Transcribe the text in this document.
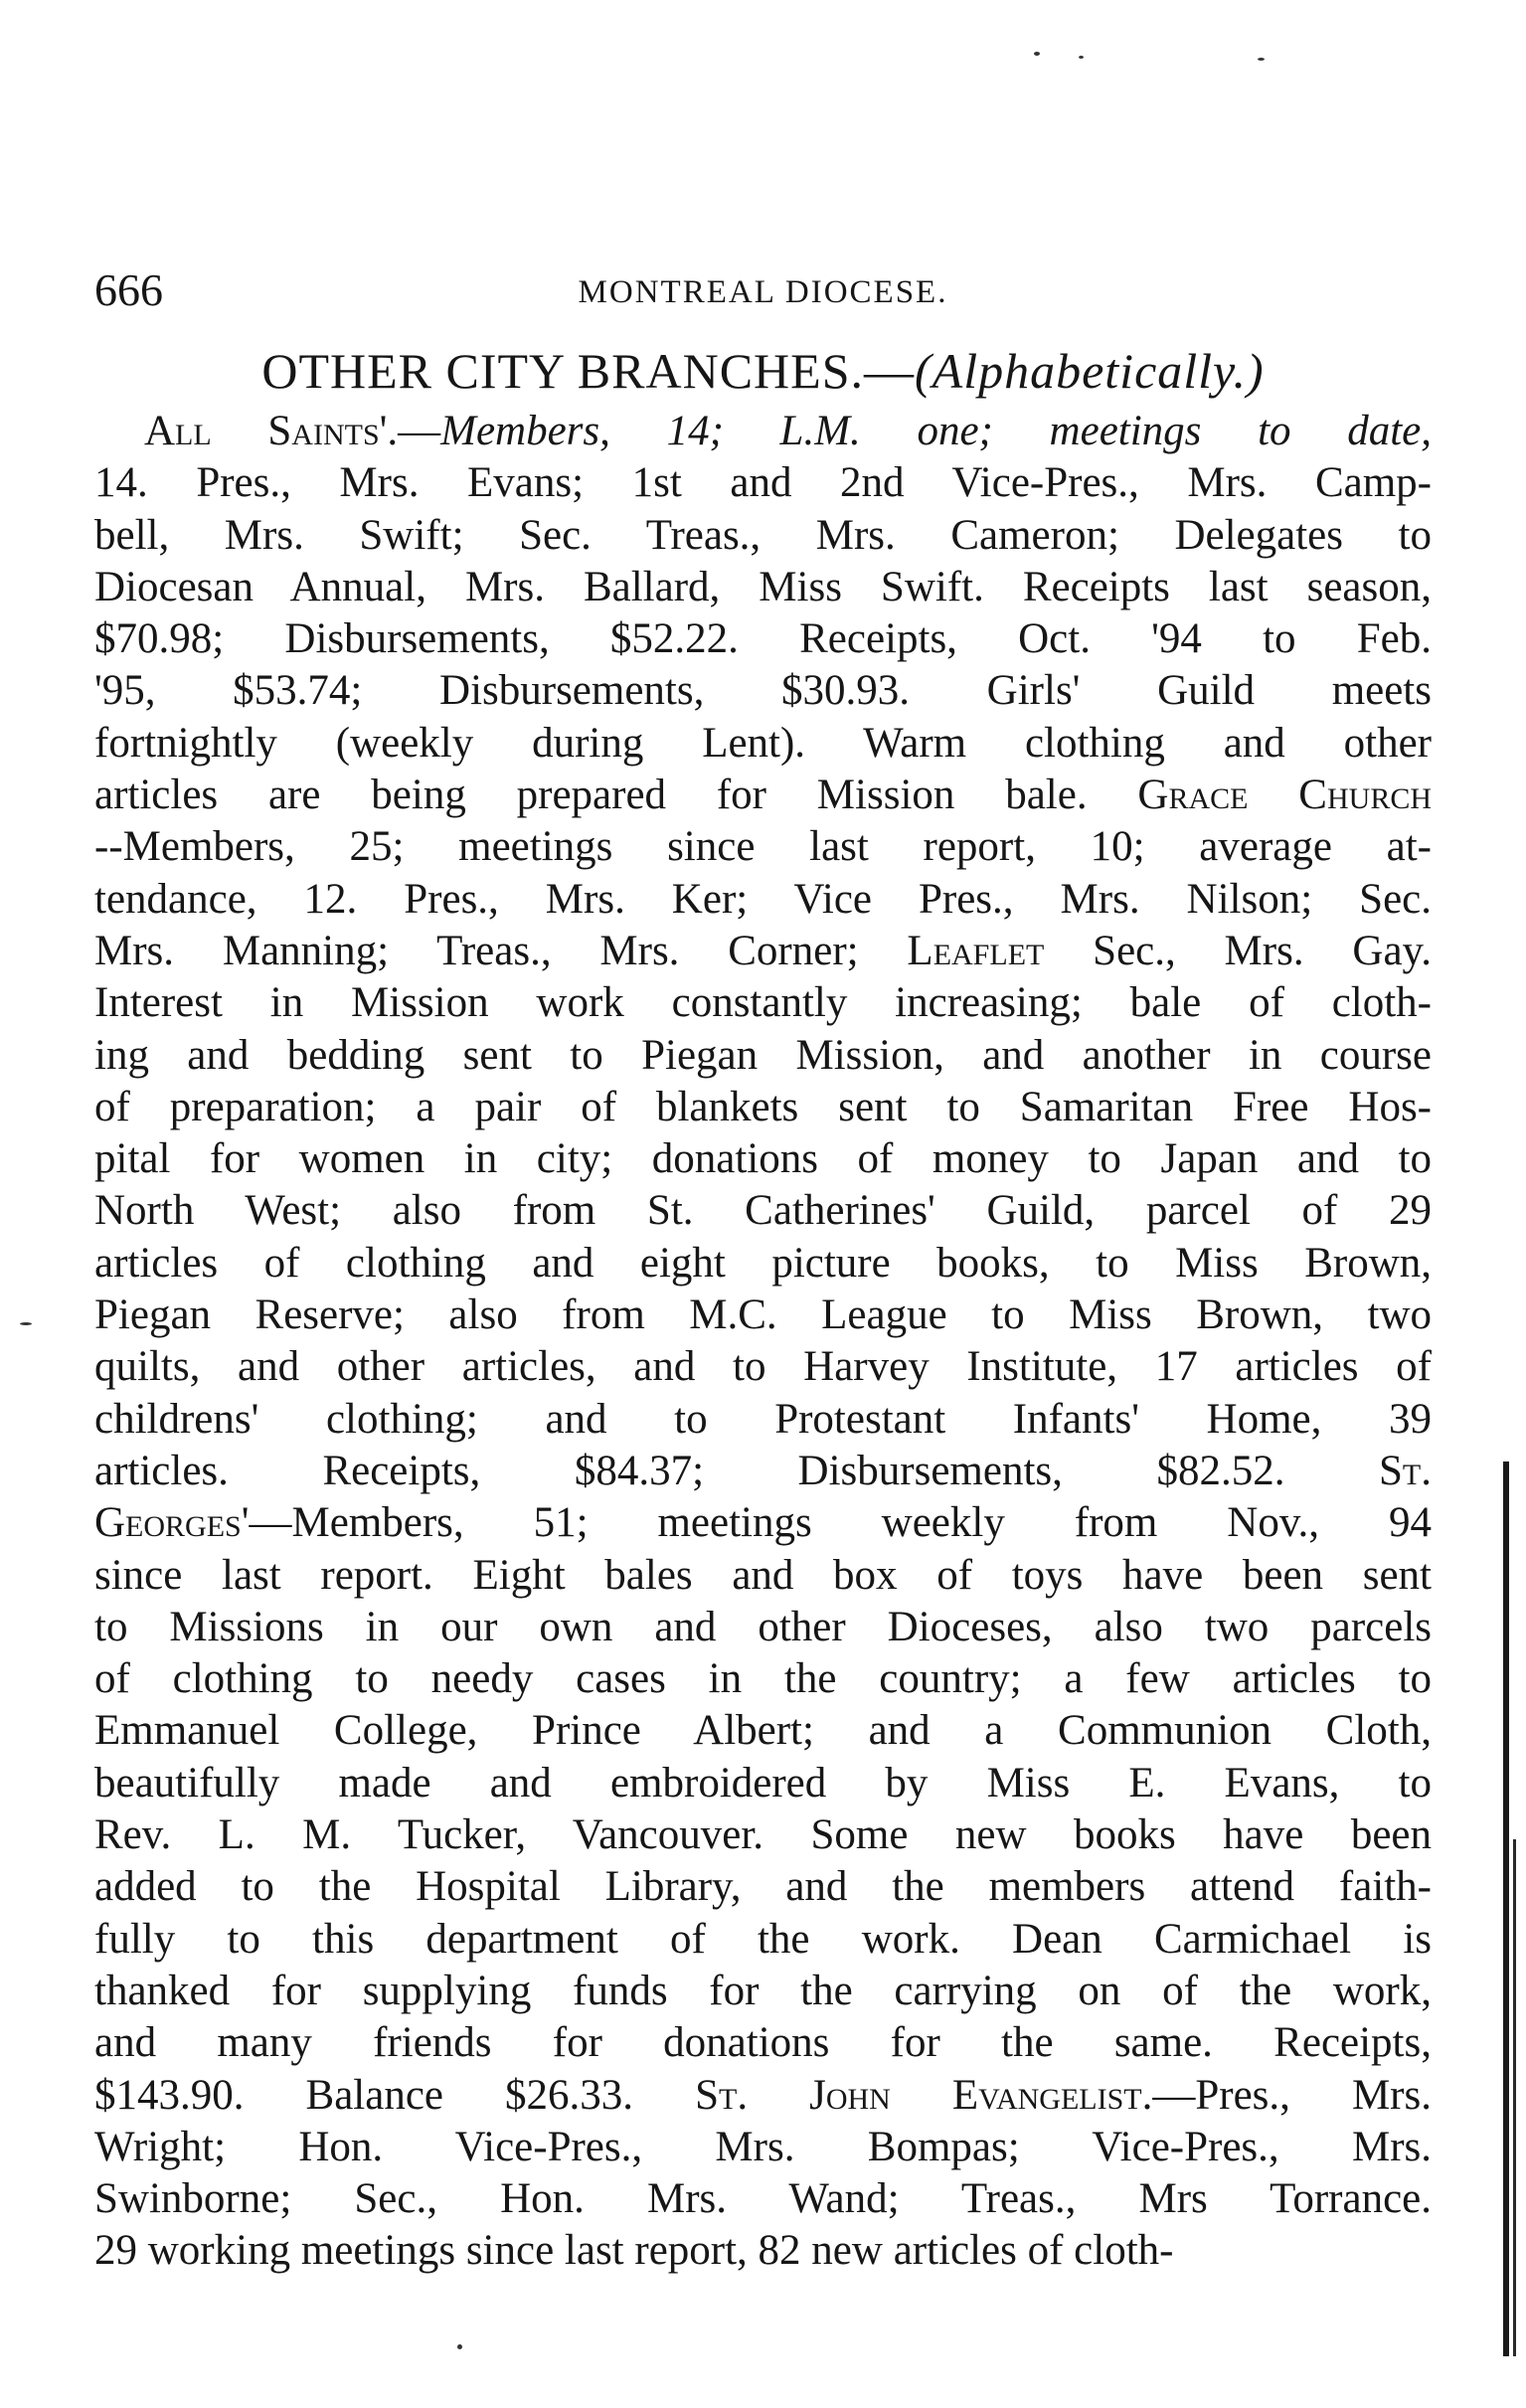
666	MONTREAL DIOCESE.
OTHER CITY BRANCHES.—(Alphabetically.)
All Saints'.—Members, 14; L.M. one; meetings to date,
14. Pres., Mrs. Evans; 1st and 2nd Vice-Pres., Mrs. Camp-
bell, Mrs. Swift; Sec. Treas., Mrs. Cameron; Delegates to
Diocesan Annual, Mrs. Ballard, Miss Swift. Receipts last season,
$70.98; Disbursements, $52.22. Receipts, Oct. '94 to Feb.
'95, $53.74; Disbursements, $30.93. Girls' Guild meets
fortnightly (weekly during Lent). Warm clothing and other
articles are being prepared for Mission bale. Grace Church
--Members, 25; meetings since last report, 10; average at-
tendance, 12. Pres., Mrs. Ker; Vice Pres., Mrs. Nilson; Sec.
Mrs. Manning; Treas., Mrs. Corner; Leaflet Sec., Mrs. Gay.
Interest in Mission work constantly increasing; bale of cloth-
ing and bedding sent to Piegan Mission, and another in course
of preparation; a pair of blankets sent to Samaritan Free Hos-
pital for women in city; donations of money to Japan and to
North West; also from St. Catherines' Guild, parcel of 29
articles of clothing and eight picture books, to Miss Brown,
Piegan Reserve; also from M.C. League to Miss Brown, two
quilts, and other articles, and to Harvey Institute, 17 articles of
childrens' clothing; and to Protestant Infants' Home, 39
articles. Receipts, $84.37; Disbursements, $82.52. St.
Georges'—Members, 51; meetings weekly from Nov., 94
since last report. Eight bales and box of toys have been sent
to Missions in our own and other Dioceses, also two parcels
of clothing to needy cases in the country; a few articles to
Emmanuel College, Prince Albert; and a Communion Cloth,
beautifully made and embroidered by Miss E. Evans, to
Rev. L. M. Tucker, Vancouver. Some new books have been
added to the Hospital Library, and the members attend faith-
fully to this department of the work. Dean Carmichael is
thanked for supplying funds for the carrying on of the work,
and many friends for donations for the same. Receipts,
$143.90. Balance $26.33. St. John Evangelist.—Pres., Mrs.
Wright; Hon. Vice-Pres., Mrs. Bompas; Vice-Pres., Mrs.
Swinborne; Sec., Hon. Mrs. Wand; Treas., Mrs Torrance.
29 working meetings since last report, 82 new articles of cloth-
